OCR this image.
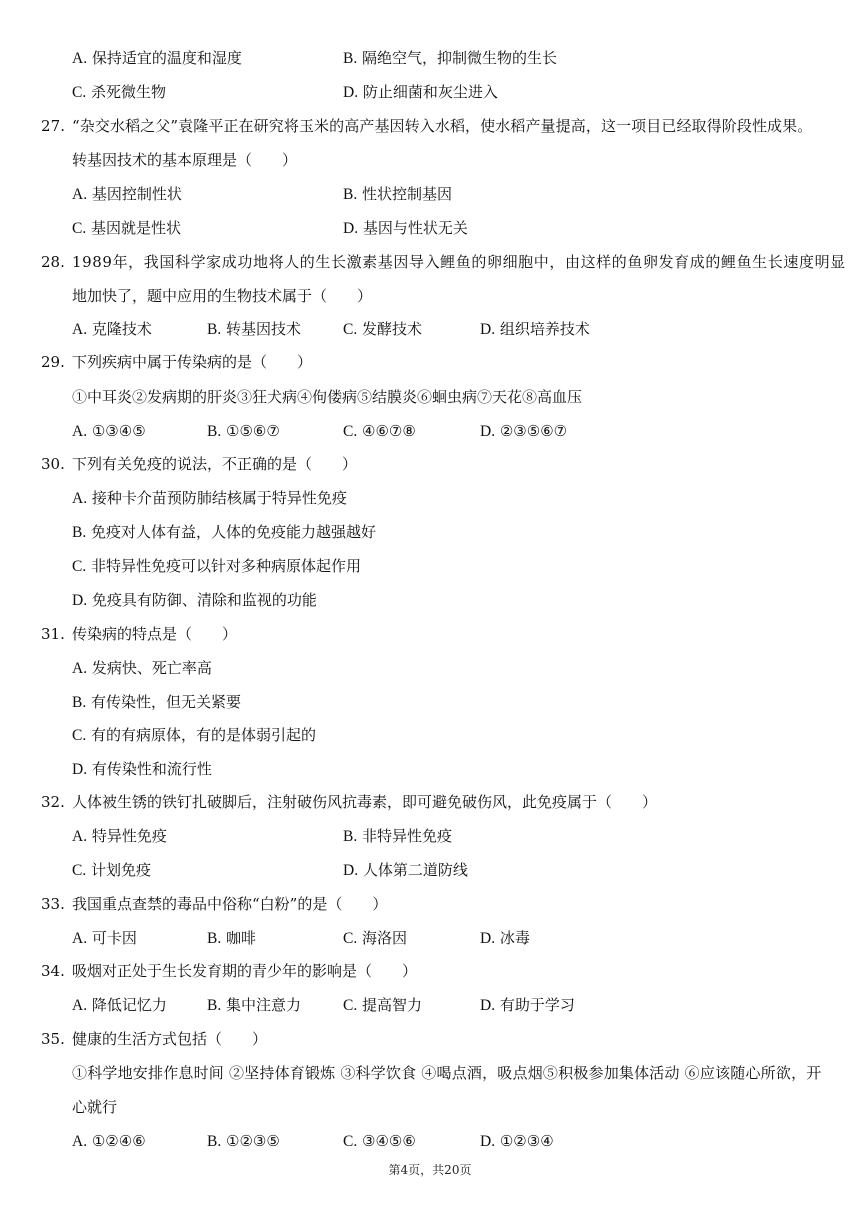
A. 保持适宜的温度和湿度	B. 隔绝空气，抑制微生物的生长
C. 杀死微生物	D. 防止细菌和灰尘进入
27. “杂交水稻之父”袁隆平正在研究将玉米的高产基因转入水稻，使水稻产量提高，这一项目已经取得阶段性成果。
转基因技术的基本原理是（　　）
A. 基因控制性状	B. 性状控制基因
C. 基因就是性状	D. 基因与性状无关
28. 1989年，我国科学家成功地将人的生长激素基因导入鲤鱼的卵细胞中，由这样的鱼卵发育成的鲤鱼生长速度明显
地加快了，题中应用的生物技术属于（　　）
A. 克隆技术	B. 转基因技术	C. 发酵技术	D. 组织培养技术
29. 下列疾病中属于传染病的是（　　）
①中耳炎②发病期的肝炎③狂犬病④佝偻病⑤结膜炎⑥蛔虫病⑦天花⑧高血压
A. ①③④⑤	B. ①⑤⑥⑦	C. ④⑥⑦⑧	D. ②③⑤⑥⑦
30. 下列有关免疫的说法，不正确的是（　　）
A. 接种卡介苗预防肺结核属于特异性免疫
B. 免疫对人体有益，人体的免疫能力越强越好
C. 非特异性免疫可以针对多种病原体起作用
D. 免疫具有防御、清除和监视的功能
31. 传染病的特点是（　　）
A. 发病快、死亡率高
B. 有传染性，但无关紧要
C. 有的有病原体，有的是体弱引起的
D. 有传染性和流行性
32. 人体被生锈的铁钉扎破脚后，注射破伤风抗毒素，即可避免破伤风，此免疫属于（　　）
A. 特异性免疫	B. 非特异性免疫
C. 计划免疫	D. 人体第二道防线
33. 我国重点查禁的毒品中俗称“白粉”的是（　　）
A. 可卡因	B. 咖啡	C. 海洛因	D. 冰毒
34. 吸烟对正处于生长发育期的青少年的影响是（　　）
A. 降低记忆力	B. 集中注意力	C. 提高智力	D. 有助于学习
35. 健康的生活方式包括（　　）
①科学地安排作息时间 ②坚持体育锻炼 ③科学饮食 ④喝点酒，吸点烟⑤积极参加集体活动 ⑥应该随心所欲，开
心就行
A. ①②④⑥	B. ①②③⑤	C. ③④⑤⑥	D. ①②③④
第4页，共20页
